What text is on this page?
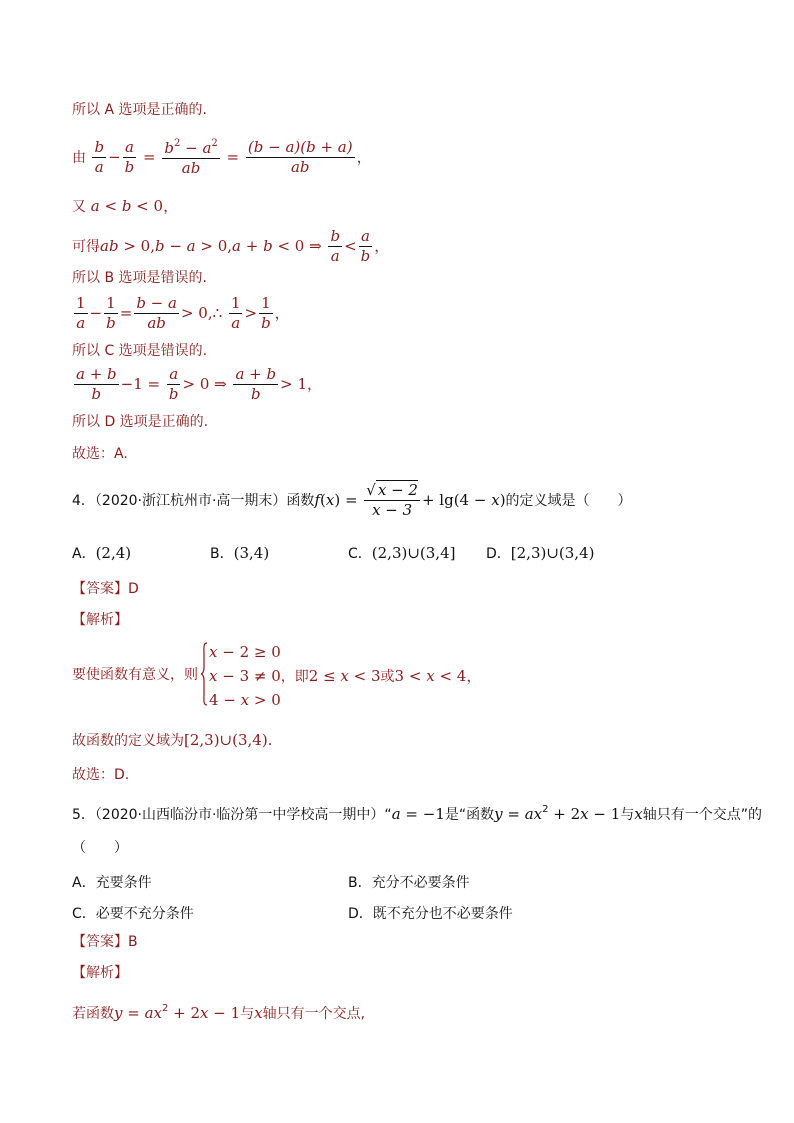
所以 A 选项是正确的.
由 $\frac{b}{a} - \frac{a}{b} = \frac{b^2 - a^2}{ab} = \frac{(b - a)(b + a)}{ab}$ ，
又 a < b < 0，
可得ab > 0,b − a > 0,a + b < 0 ⇒ $\frac{b}{a} < \frac{a}{b}$ ，
所以 B 选项是错误的.
$\frac{1}{a} - \frac{1}{b} = \frac{b - a}{ab}$ > 0,∴ $\frac{1}{a} > \frac{1}{b}$ ，
所以 C 选项是错误的.
$\frac{a + b}{b} -1 = \frac{a}{b} > 0$ ⇒ $\frac{a + b}{b} > 1$，
所以 D 选项是正确的.
故选：A.
4．（2020·浙江杭州市·高一期末）函数$f(x) = \frac{√ x - 2}{x - 3} + \lg(4 - x)$的定义域是（　　）
A．(2,4)	B．(3,4)	C．(2,3)∪(3,4] D．[2,3)∪(3,4)
【答案】D
【解析】
要使函数有意义，则
x − 2 ≥ 0
x − 3 ≠ 0，即2 ≤ x < 3或3 < x < 4，
4 − x > 0
故函数的定义域为[2,3)∪(3,4).
故选：D.
5．（2020·山西临汾市·临汾第一中学校高一期中）“a = −1是“函数$y = ax^2 + 2x - 1$与x轴只有一个交点”的
（　　）
A．充要条件	B．充分不必要条件
C．必要不充分条件	D．既不充分也不必要条件
【答案】B
【解析】
若函数$y = ax^2 + 2x - 1$与x轴只有一个交点,
